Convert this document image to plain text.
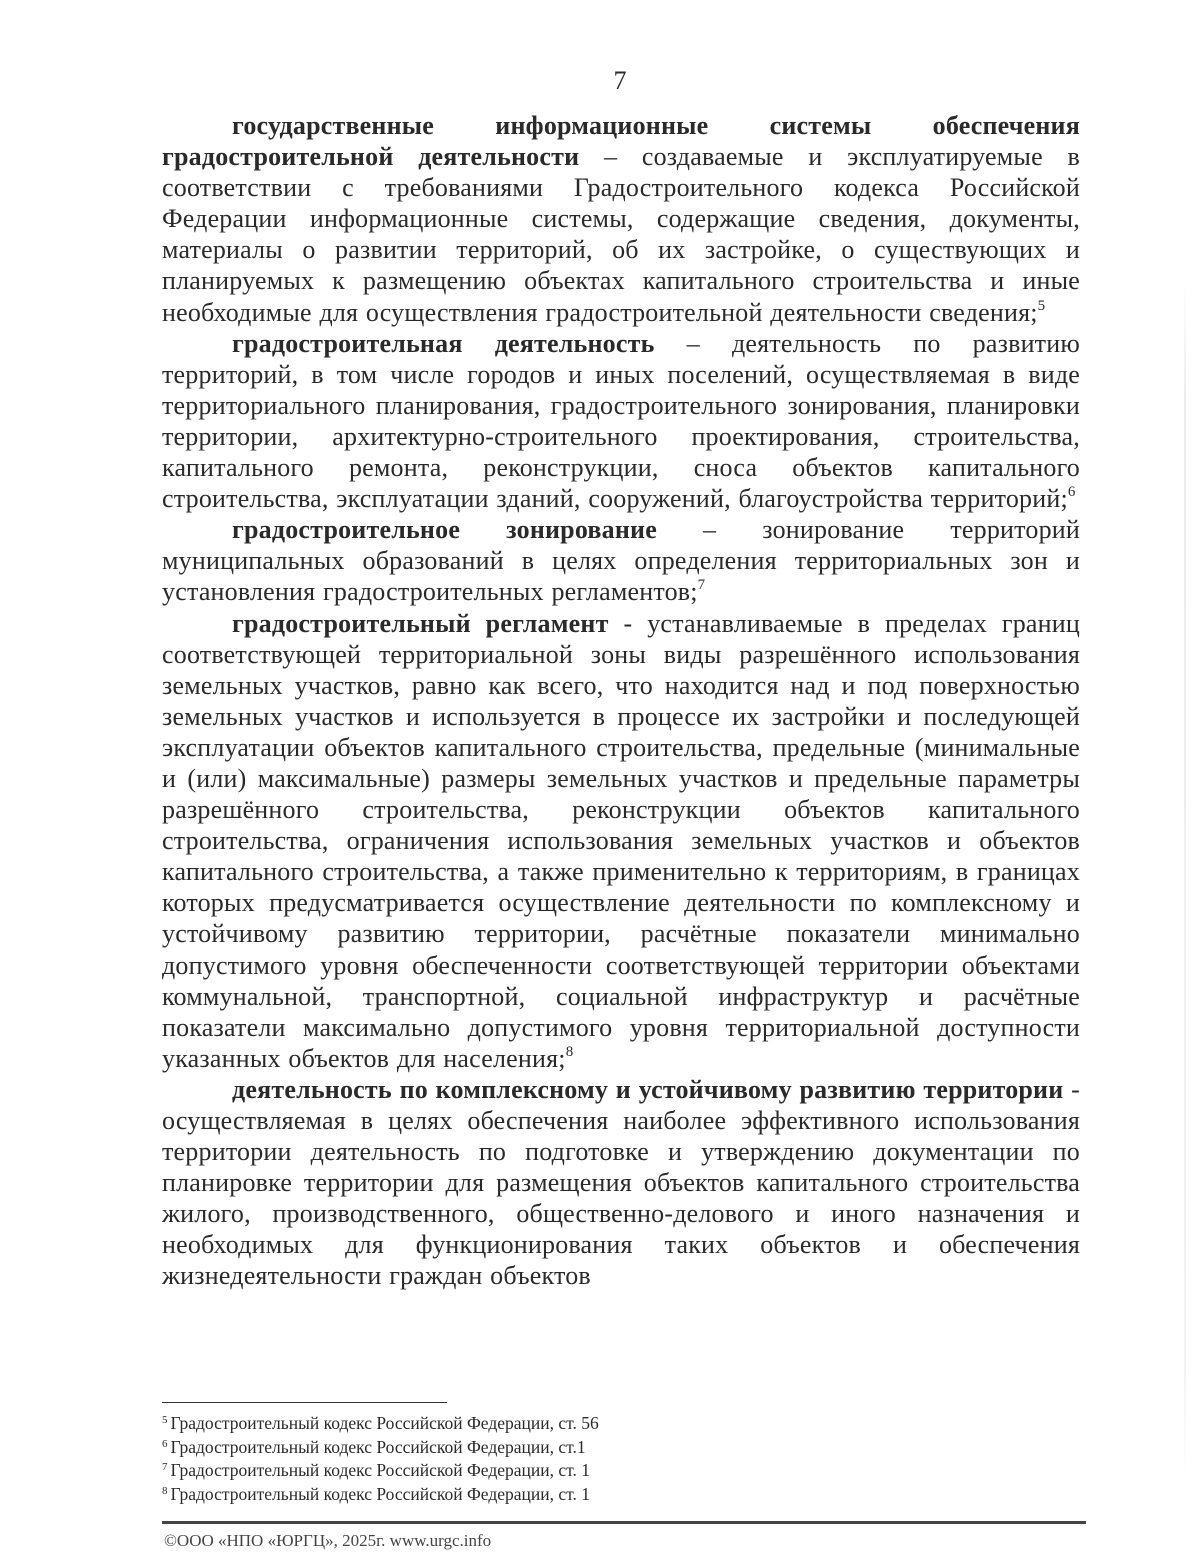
7

государственные информационные системы обеспечения градостроительной деятельности – создаваемые и эксплуатируемые в соответствии с требованиями Градостроительного кодекса Российской Федерации информационные системы, содержащие сведения, документы, материалы о развитии территорий, об их застройке, о существующих и планируемых к размещению объектах капитального строительства и иные необходимые для осуществления градостроительной деятельности сведения;$^5$

градостроительная деятельность – деятельность по развитию территорий, в том числе городов и иных поселений, осуществляемая в виде территориального планирования, градостроительного зонирования, планировки территории, архитектурно-строительного проектирования, строительства, капитального ремонта, реконструкции, сноса объектов капитального строительства, эксплуатации зданий, сооружений, благоустройства территорий;$^6$

градостроительное зонирование – зонирование территорий муниципальных образований в целях определения территориальных зон и установления градостроительных регламентов;$^7$

градостроительный регламент - устанавливаемые в пределах границ соответствующей территориальной зоны виды разрешённого использования земельных участков, равно как всего, что находится над и под поверхностью земельных участков и используется в процессе их застройки и последующей эксплуатации объектов капитального строительства, предельные (минимальные и (или) максимальные) размеры земельных участков и предельные параметры разрешённого строительства, реконструкции объектов капитального строительства, ограничения использования земельных участков и объектов капитального строительства, а также применительно к территориям, в границах которых предусматривается осуществление деятельности по комплексному и устойчивому развитию территории, расчётные показатели минимально допустимого уровня обеспеченности соответствующей территории объектами коммунальной, транспортной, социальной инфраструктур и расчётные показатели максимально допустимого уровня территориальной доступности указанных объектов для населения;$^8$

деятельность по комплексному и устойчивому развитию территории - осуществляемая в целях обеспечения наиболее эффективного использования территории деятельность по подготовке и утверждению документации по планировке территории для размещения объектов капитального строительства жилого, производственного, общественно-делового и иного назначения и необходимых для функционирования таких объектов и обеспечения жизнедеятельности граждан объектов

$^5$ Градостроительный кодекс Российской Федерации, ст. 56
$^6$ Градостроительный кодекс Российской Федерации, ст.1
$^7$ Градостроительный кодекс Российской Федерации, ст. 1
$^8$ Градостроительный кодекс Российской Федерации, ст. 1
©ООО «НПО «ЮРГЦ», 2025г. www.urgc.info
